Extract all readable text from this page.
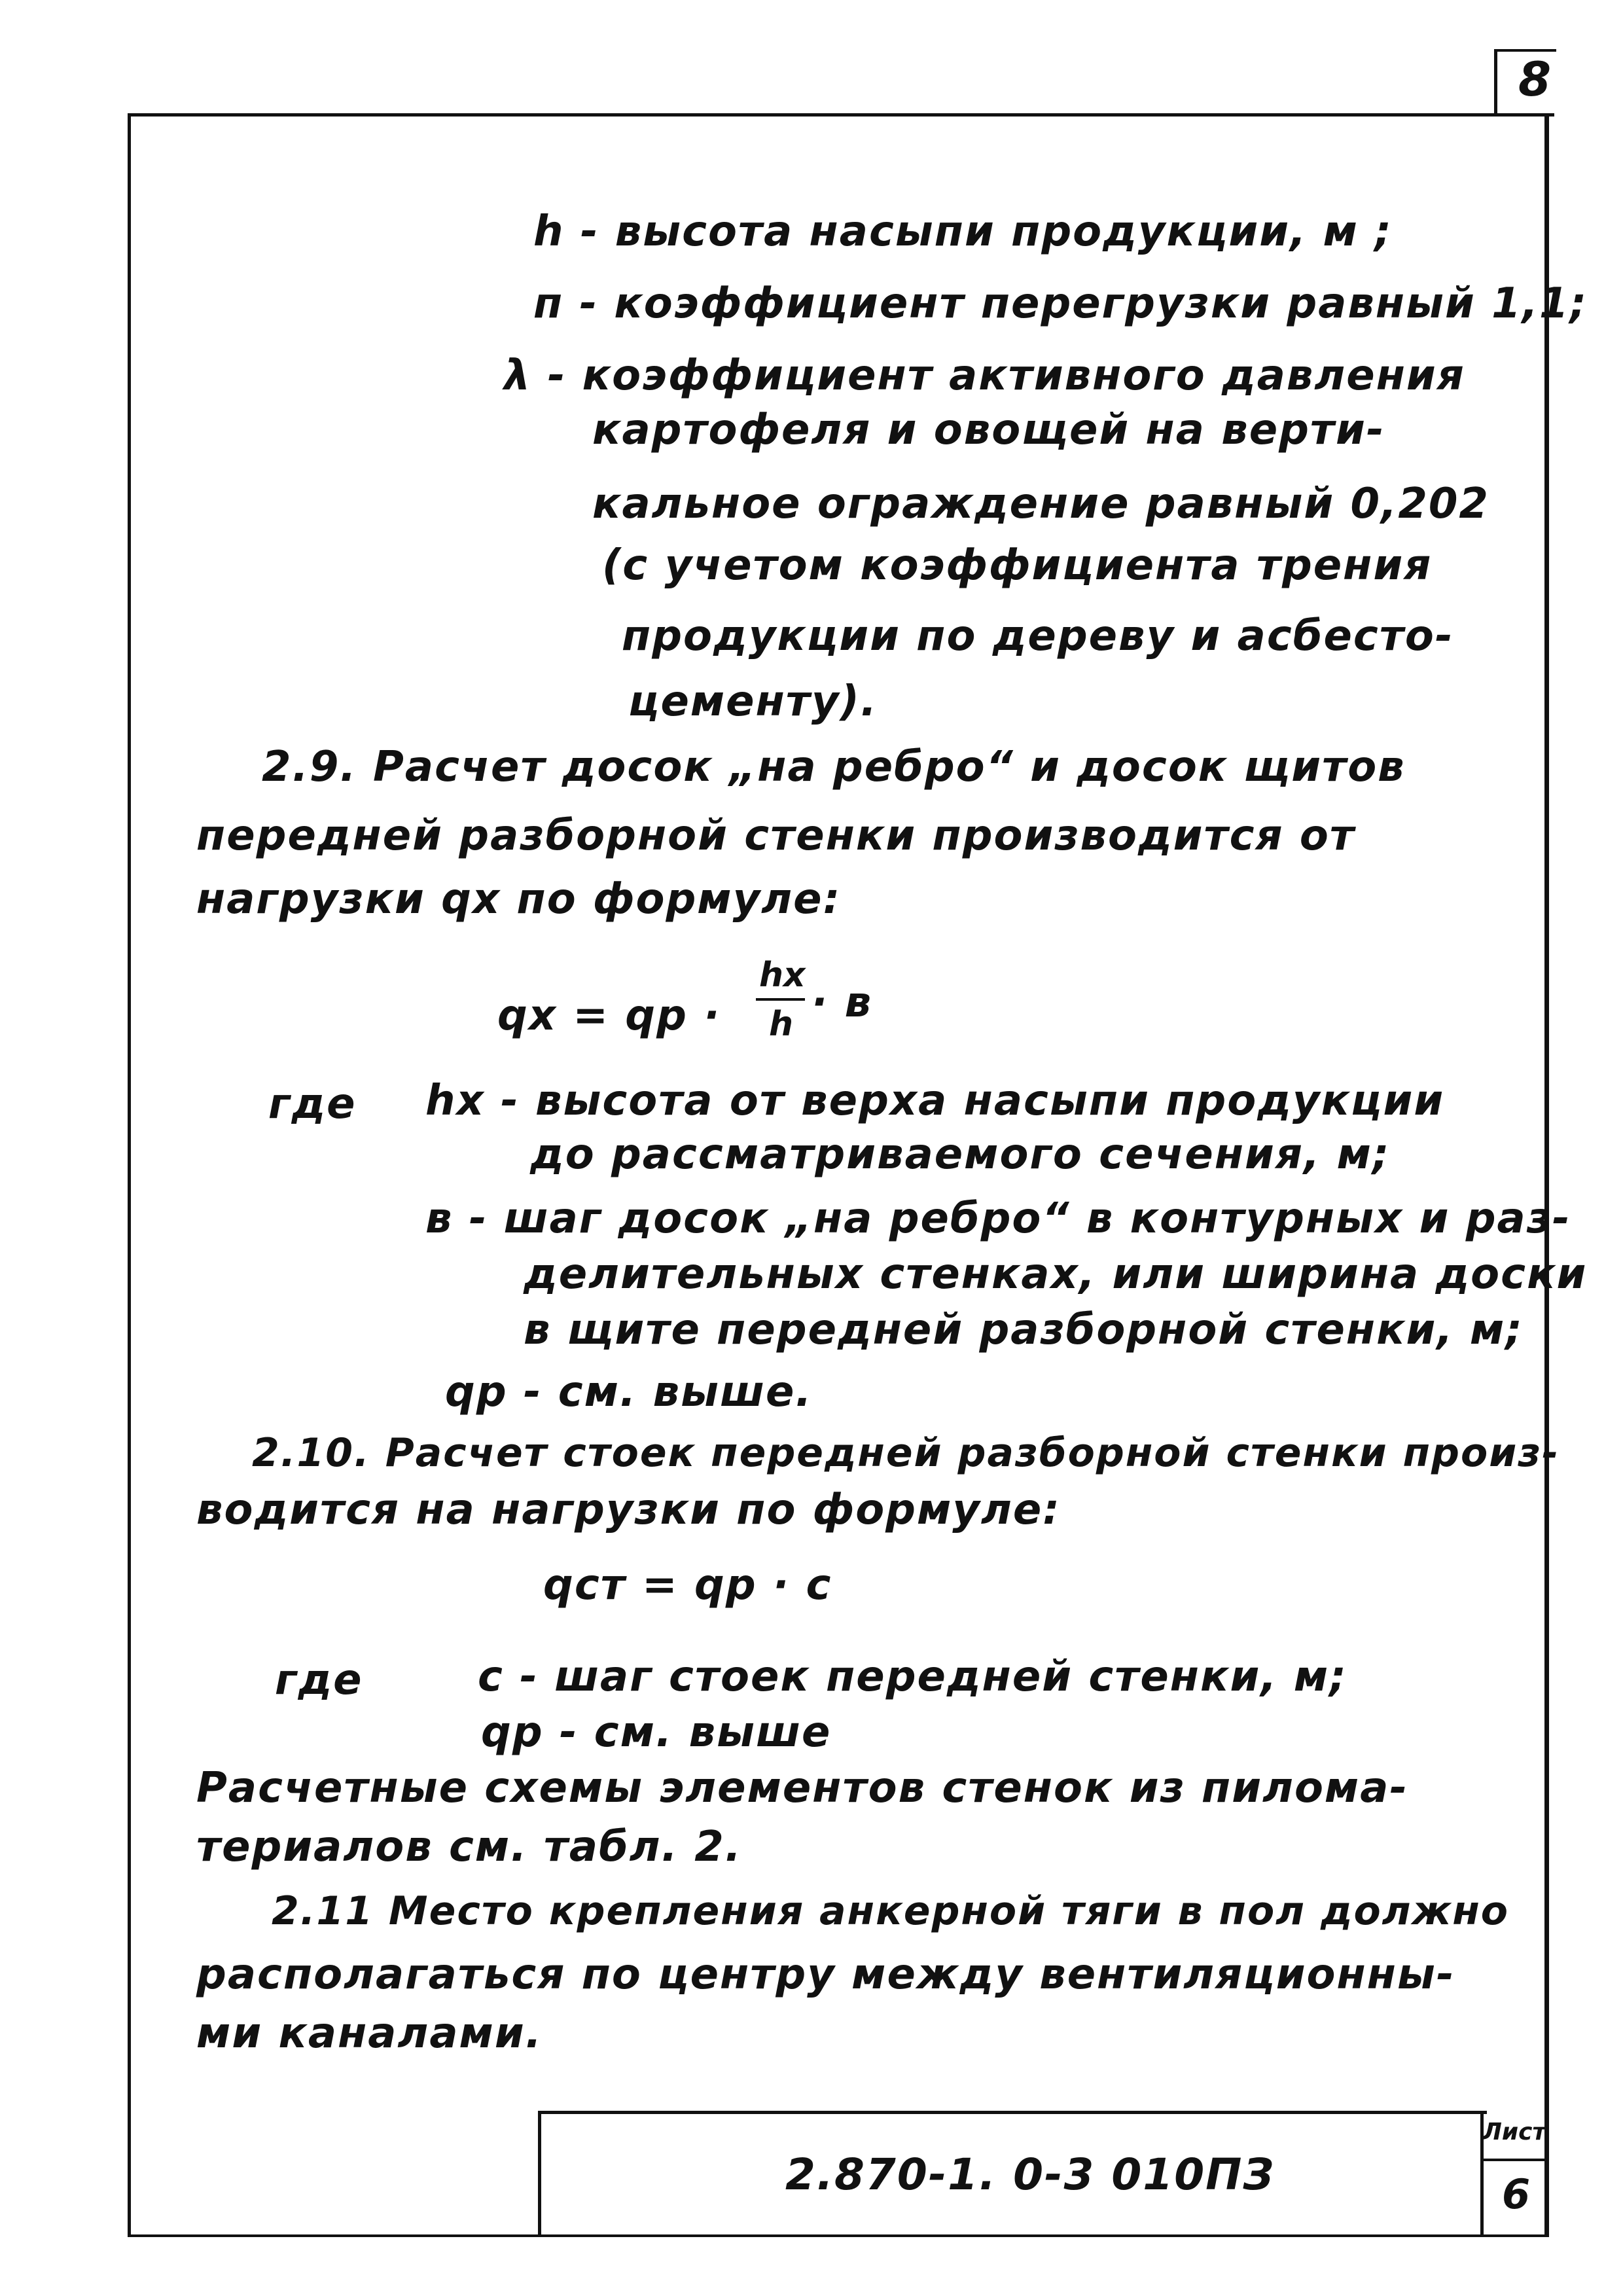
8
h - высота насыпи продукции, м ;
п - коэффициент перегрузки равный 1,1;
λ - коэффициент активного давления
картофеля и овощей на верти-
кальное ограждение равный 0,202
(с учетом коэффициента трения
продукции по дереву и асбесто-
цементу).
2.9. Расчет досок „на ребро“ и досок щитов
передней разборной стенки производится от
нагрузки qx по формуле:
qx = qp ·
hx
h · в
где hx - высота от верха насыпи продукции
до рассматриваемого сечения, м;
в - шаг досок „на ребро“ в контурных и раз-
делительных стенках, или ширина доски
в щите передней разборной стенки, м;
qp - см. выше.
2.10. Расчет стоек передней разборной стенки произ-
водится на нагрузки по формуле:
qст = qp · с
где	с - шаг стоек передней стенки, м;
qp - см. выше
Расчетные схемы элементов стенок из пиломa-
териалов см. табл. 2.
2.11 Место крепления анкерной тяги в пол должно
располагаться по центру между вентиляционны-
ми каналами.
2.870-1. 0-3 010ПЗ
Лист
6
